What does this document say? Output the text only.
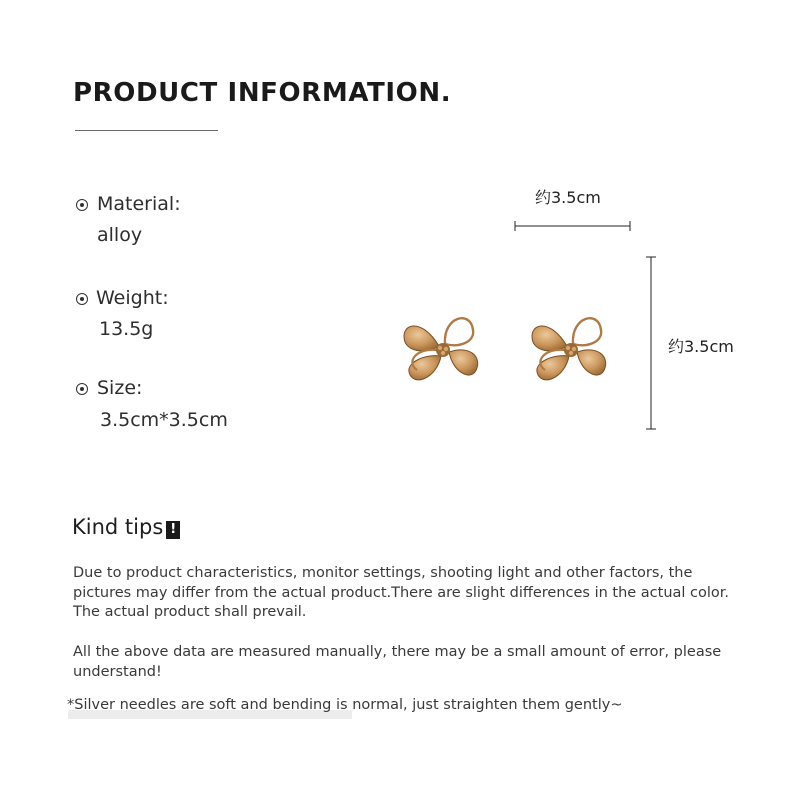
PRODUCT INFORMATION.
Material:
alloy
Weight:
13.5g
Size:
3.5cm*3.5cm
约3.5cm
约3.5cm
Kind tips !
Due to product characteristics, monitor settings, shooting light and other factors, the pictures may differ from the actual product.There are slight differences in the actual color. The actual product shall prevail.
All the above data are measured manually, there may be a small amount of error, please understand!
*Silver needles are soft and bending is normal, just straighten them gently~
